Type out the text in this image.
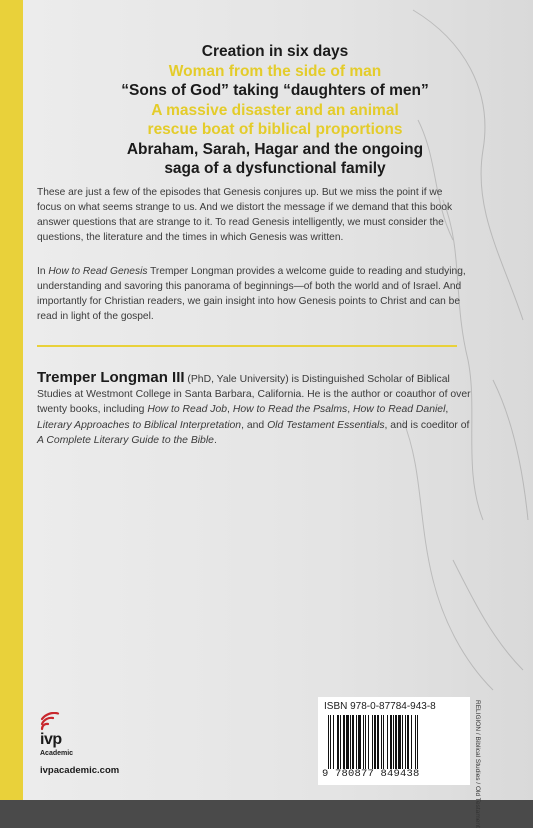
Creation in six days
Woman from the side of man
“Sons of God” taking “daughters of men”
A massive disaster and an animal
rescue boat of biblical proportions
Abraham, Sarah, Hagar and the ongoing
saga of a dysfunctional family

These are just a few of the episodes that Genesis conjures up. But we miss the point if we focus on what seems strange to us. And we distort the message if we demand that this book answer questions that are strange to it. To read Genesis intelligently, we must consider the questions, the literature and the times in which Genesis was written.

In How to Read Genesis Tremper Longman provides a welcome guide to reading and studying, understanding and savoring this panorama of beginnings—of both the world and of Israel. And importantly for Christian readers, we gain insight into how Genesis points to Christ and can be read in light of the gospel.

Tremper Longman III (PhD, Yale University) is Distinguished Scholar of Biblical Studies at Westmont College in Santa Barbara, California. He is the author or coauthor of over twenty books, including How to Read Job, How to Read the Psalms, How to Read Daniel, Literary Approaches to Biblical Interpretation, and Old Testament Essentials, and is coeditor of A Complete Literary Guide to the Bible.

ivp
Academic
ivpacademic.com
ISBN 978-0-87784-943-8
9 780877 849438	RELIGION / Biblical Studies / Old Testament
